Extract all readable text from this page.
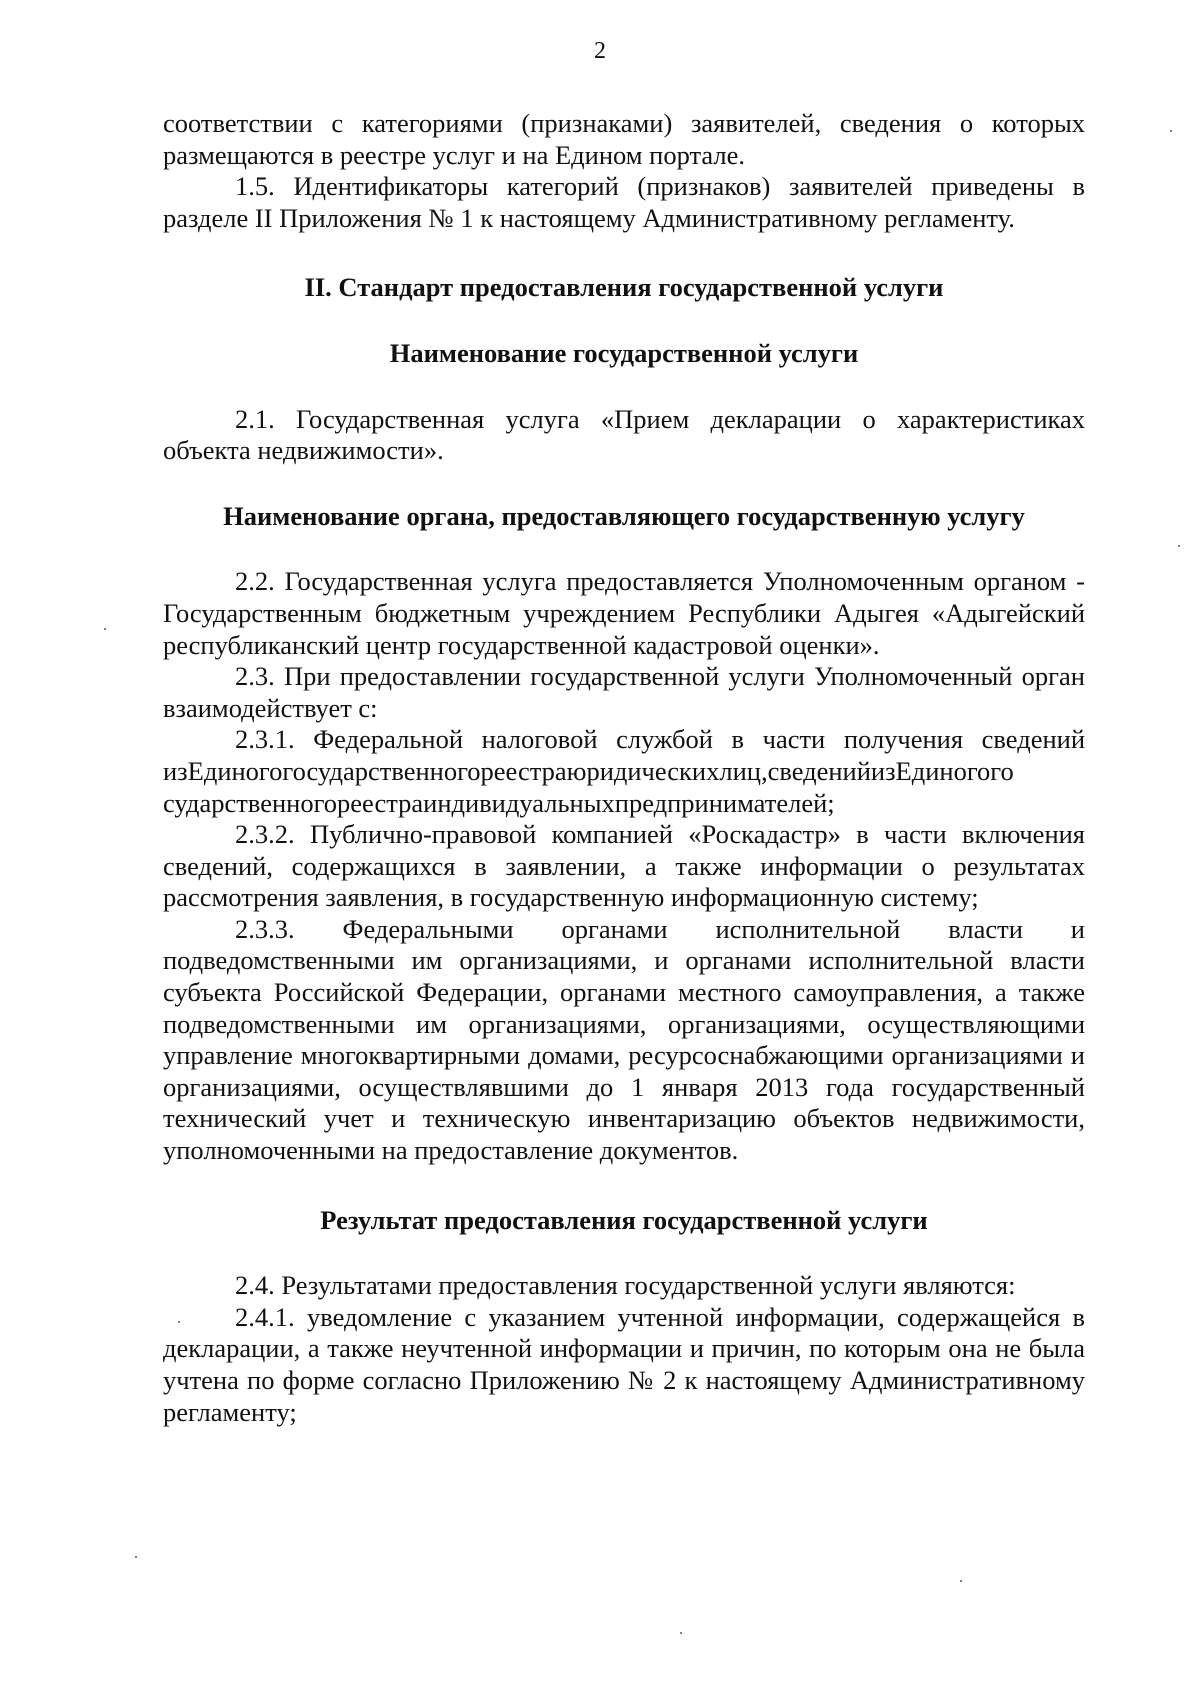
2

соответствии с категориями (признаками) заявителей, сведения о которых размещаются в реестре услуг и на Едином портале.

1.5. Идентификаторы категорий (признаков) заявителей приведены в разделе II Приложения № 1 к настоящему Административному регламенту.

II. Стандарт предоставления государственной услуги
Наименование государственной услуги

2.1. Государственная услуга «Прием декларации о характеристиках объекта недвижимости».

Наименование органа, предоставляющего государственную услугу

2.2. Государственная услуга предоставляется Уполномоченным органом - Государственным бюджетным учреждением Республики Адыгея «Адыгейский республиканский центр государственной кадастровой оценки».

2.3. При предоставлении государственной услуги Уполномоченный орган взаимодействует с:

2.3.1. Федеральной налоговой службой в части получения сведений

изЕдиногогосударственногореестраюридическихлиц,сведенийизЕдиногого

сударственногореестраиндивидуальныхпредпринимателей;

2.3.2. Публично-правовой компанией «Роскадастр» в части включения сведений, содержащихся в заявлении, а также информации о результатах рассмотрения заявления, в государственную информационную систему;

2.3.3. Федеральными органами исполнительной власти и подведомственными им организациями, и органами исполнительной власти субъекта Российской Федерации, органами местного самоуправления, а также подведомственными им организациями, организациями, осуществляющими управление многоквартирными домами, ресурсоснабжающими организациями и организациями, осуществлявшими до 1 января 2013 года государственный технический учет и техническую инвентаризацию объектов недвижимости, уполномоченными на предоставление документов.

Результат предоставления государственной услуги

2.4. Результатами предоставления государственной услуги являются:

2.4.1. уведомление с указанием учтенной информации, содержащейся в декларации, а также неучтенной информации и причин, по которым она не была учтена по форме согласно Приложению № 2 к настоящему Административному регламенту;
